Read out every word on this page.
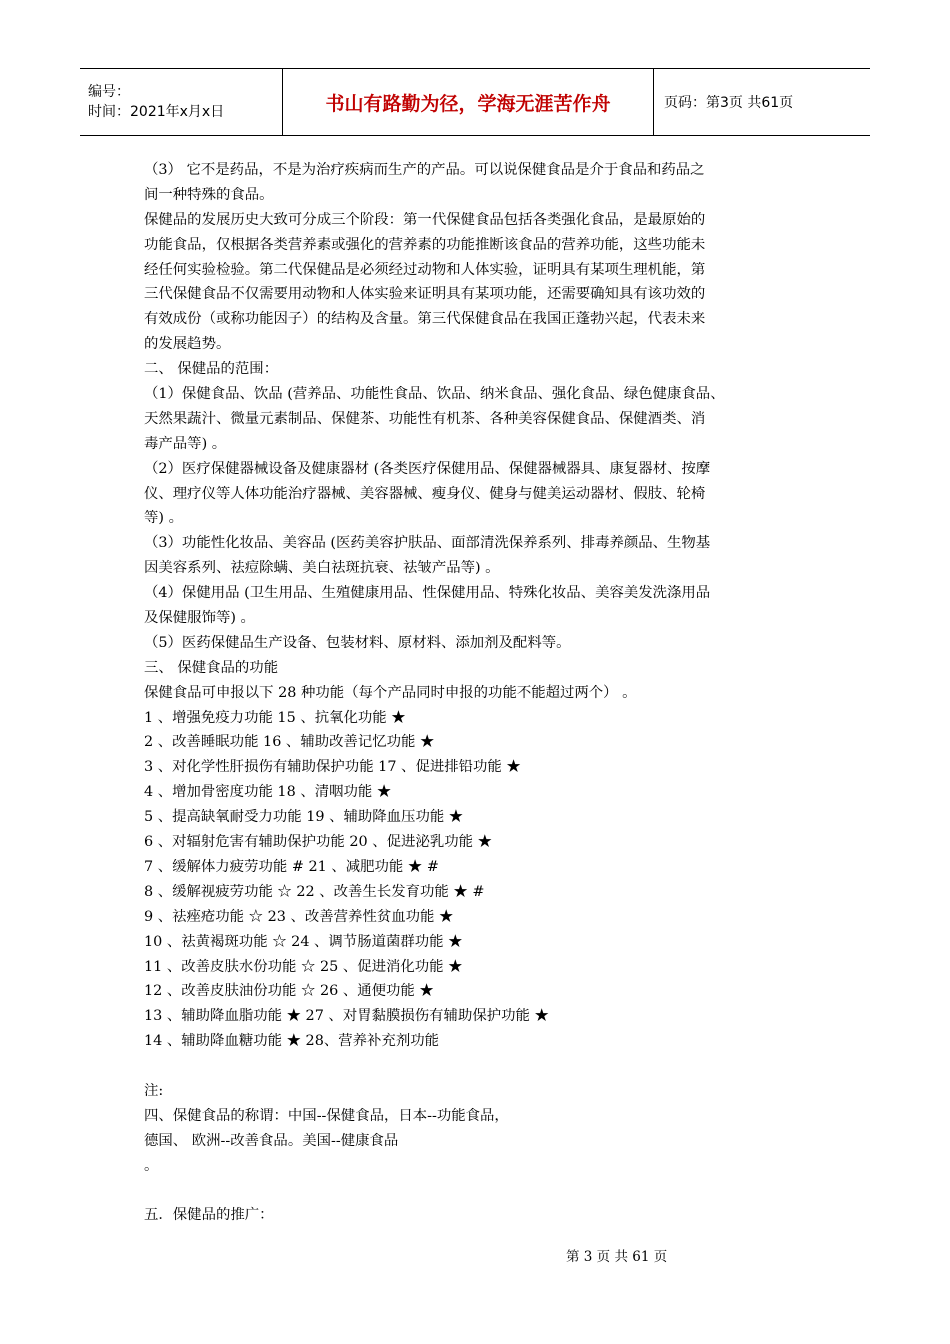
编号：
时间：2021年x月x日	书山有路勤为径，学海无涯苦作舟	页码：第3页 共61页
（3） 它不是药品，不是为治疗疾病而生产的产品。可以说保健食品是介于食品和药品之
间一种特殊的食品。
保健品的发展历史大致可分成三个阶段：第一代保健食品包括各类强化食品，是最原始的
功能食品，仅根据各类营养素或强化的营养素的功能推断该食品的营养功能，这些功能未
经任何实验检验。第二代保健品是必须经过动物和人体实验，证明具有某项生理机能，第
三代保健食品不仅需要用动物和人体实验来证明具有某项功能，还需要确知具有该功效的
有效成份（或称功能因子）的结构及含量。第三代保健食品在我国正蓬勃兴起，代表未来
的发展趋势。
二、 保健品的范围：
（1）保健食品、饮品 (营养品、功能性食品、饮品、纳米食品、强化食品、绿色健康食品、
天然果蔬汁、微量元素制品、保健茶、功能性有机茶、各种美容保健食品、保健酒类、消
毒产品等) 。
（2）医疗保健器械设备及健康器材 (各类医疗保健用品、保健器械器具、康复器材、按摩
仪、理疗仪等人体功能治疗器械、美容器械、瘦身仪、健身与健美运动器材、假肢、轮椅
等) 。
（3）功能性化妆品、美容品 (医药美容护肤品、面部清洗保养系列、排毒养颜品、生物基
因美容系列、祛痘除螨、美白祛斑抗衰、祛皱产品等) 。
（4）保健用品 (卫生用品、生殖健康用品、性保健用品、特殊化妆品、美容美发洗涤用品
及保健服饰等) 。
（5）医药保健品生产设备、包装材料、原材料、添加剂及配料等。
三、 保健食品的功能
保健食品可申报以下 28 种功能（每个产品同时申报的功能不能超过两个） 。
1 、增强免疫力功能 15 、抗氧化功能 ★
2 、改善睡眠功能 16 、辅助改善记忆功能 ★
3 、对化学性肝损伤有辅助保护功能 17 、促进排铅功能 ★
4 、增加骨密度功能 18 、清咽功能 ★
5 、提高缺氧耐受力功能 19 、辅助降血压功能 ★
6 、对辐射危害有辅助保护功能 20 、促进泌乳功能 ★
7 、缓解体力疲劳功能 # 21 、减肥功能 ★ #
8 、缓解视疲劳功能 ☆ 22 、改善生长发育功能 ★ #
9 、祛痤疮功能 ☆ 23 、改善营养性贫血功能 ★
10 、祛黄褐斑功能 ☆ 24 、调节肠道菌群功能 ★
11 、改善皮肤水份功能 ☆ 25 、促进消化功能 ★
12 、改善皮肤油份功能 ☆ 26 、通便功能 ★
13 、辅助降血脂功能 ★ 27 、对胃黏膜损伤有辅助保护功能 ★
14 、辅助降血糖功能 ★ 28、营养补充剂功能
注:
四、保健食品的称谓：中国--保健食品，日本--功能食品，
德国、 欧洲--改善食品。美国--健康食品
。
五．保健品的推广：
第 3 页 共 61 页
